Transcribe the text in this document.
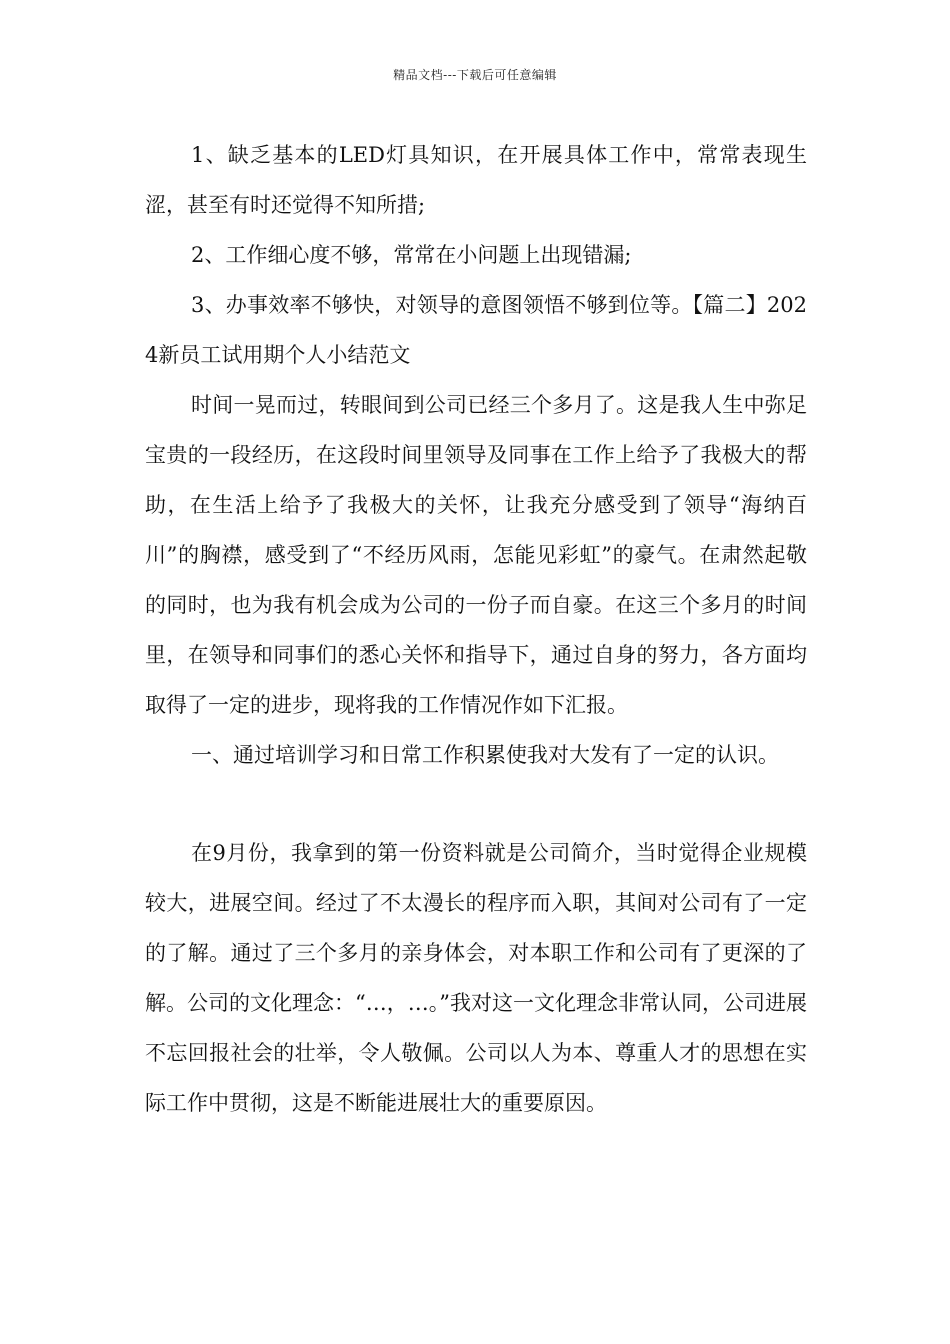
精品文档---下载后可任意编辑

1、缺乏基本的LED灯具知识，在开展具体工作中，常常表现生涩，甚至有时还觉得不知所措;

2、工作细心度不够，常常在小问题上出现错漏;

3、办事效率不够快，对领导的意图领悟不够到位等。【篇二】2024新员工试用期个人小结范文

时间一晃而过，转眼间到公司已经三个多月了。这是我人生中弥足宝贵的一段经历，在这段时间里领导及同事在工作上给予了我极大的帮助，在生活上给予了我极大的关怀，让我充分感受到了领导“海纳百川”的胸襟，感受到了“不经历风雨，怎能见彩虹”的豪气。在肃然起敬的同时，也为我有机会成为公司的一份子而自豪。在这三个多月的时间里，在领导和同事们的悉心关怀和指导下，通过自身的努力，各方面均取得了一定的进步，现将我的工作情况作如下汇报。

一、通过培训学习和日常工作积累使我对大发有了一定的认识。

在9月份，我拿到的第一份资料就是公司简介，当时觉得企业规模较大，进展空间。经过了不太漫长的程序而入职，其间对公司有了一定的了解。通过了三个多月的亲身体会，对本职工作和公司有了更深的了解。公司的文化理念：“…，…。”我对这一文化理念非常认同，公司进展不忘回报社会的壮举，令人敬佩。公司以人为本、尊重人才的思想在实际工作中贯彻，这是不断能进展壮大的重要原因。
